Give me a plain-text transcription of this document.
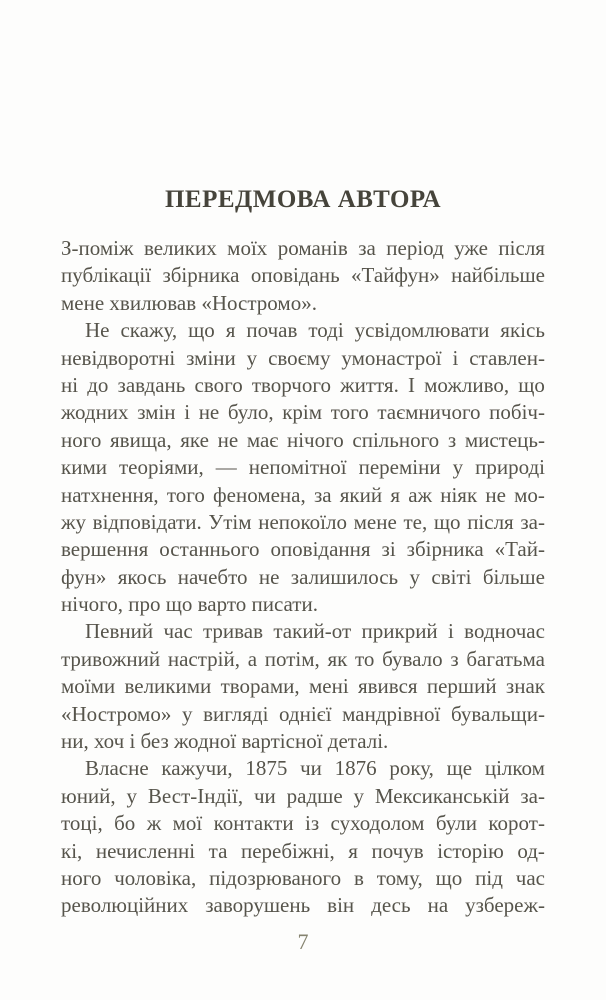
ПЕРЕДМОВА АВТОРА
З-поміж великих моїх романів за період уже після
публікації збірника оповідань «Тайфун» найбільше
мене хвилював «Ностромо».
Не скажу, що я почав тоді усвідомлювати якісь
невідворотні зміни у своєму умонастрої і ставлен-
ні до завдань свого творчого життя. І можливо, що
жодних змін і не було, крім того таємничого побіч-
ного явища, яке не має нічого спільного з мистець-
кими теоріями, — непомітної переміни у природі
натхнення, того феномена, за який я аж ніяк не мо-
жу відповідати. Утім непокоїло мене те, що після за-
вершення останнього оповідання зі збірника «Тай-
фун» якось начебто не залишилось у світі більше
нічого, про що варто писати.
Певний час тривав такий-от прикрий і водночас
тривожний настрій, а потім, як то бувало з багатьма
моїми великими творами, мені явився перший знак
«Ностромо» у вигляді однієї мандрівної бувальщи-
ни, хоч і без жодної вартісної деталі.
Власне кажучи, 1875 чи 1876 року, ще цілком
юний, у Вест-Індії, чи радше у Мексиканській за-
тоці, бо ж мої контакти із суходолом були корот-
кі, нечисленні та перебіжні, я почув історію од-
ного чоловіка, підозрюваного в тому, що під час
революційних заворушень він десь на узбереж-
7
